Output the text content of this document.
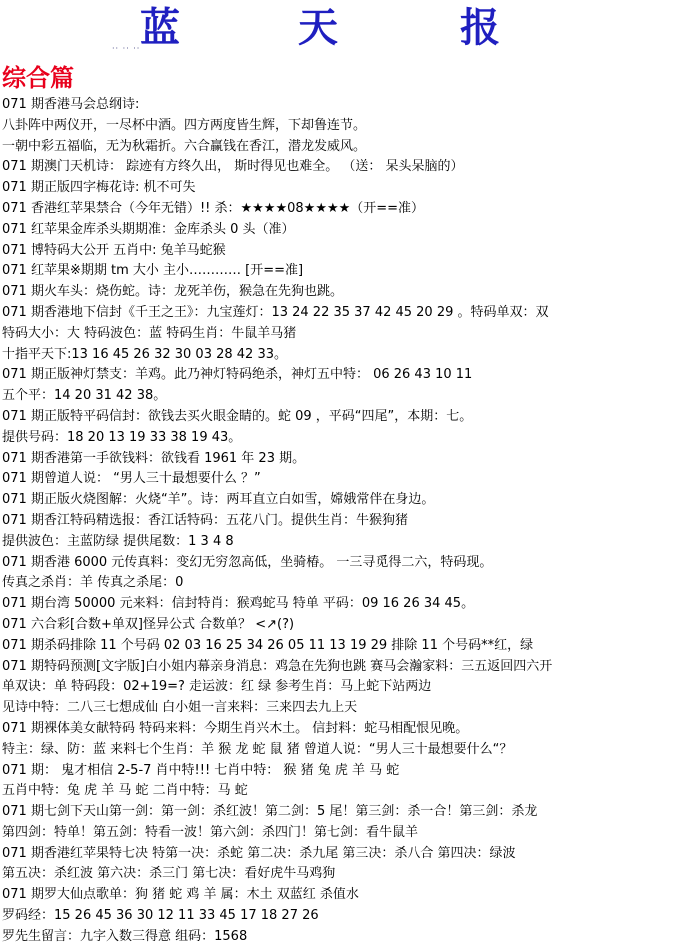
蓝	天	报
·· ·· ··
综合篇
071 期香港马会总纲诗:
八卦阵中两仪开，一尽杯中酒。四方两度皆生辉，下却鲁连节。
一朝中彩五福临，无为秋霜折。六合赢钱在香江，潜龙发威风。
071 期澳门天机诗： 踪迹有方终久出， 斯时得见也难全。 （送： 呆头呆脑的）
071 期正版四字梅花诗: 机不可失
071 香港红苹果禁合（今年无错）!! 杀：★★★★08★★★★（开==准）
071 红苹果金库杀头期期准：金库杀头 0 头（准）
071 博特码大公开 五肖中: 兔羊马蛇猴
071 红苹果※期期 tm 大小 主小………… [开==准]
071 期火车头：烧伤蛇。诗：龙死羊伤，猴急在先狗也跳。
071 期香港地下信封《千王之王》：九宝莲灯：13 24 22 35 37 42 45 20 29 。特码单双：双
特码大小：大 特码波色：蓝 特码生肖：牛鼠羊马猪
十指平天下:13 16 45 26 32 30 03 28 42 33。
071 期正版神灯禁支：羊鸡。此乃神灯特码绝杀，神灯五中特： 06 26 43 10 11
五个平：14 20 31 42 38。
071 期正版特平码信封：欲钱去买火眼金睛的。蛇 09 ，平码“四尾”，本期：七。
提供号码：18 20 13 19 33 38 19 43。
071 期香港第一手欲钱料：欲钱看 1961 年 23 期。
071 期曾道人说： “男人三十最想要什么 ？”
071 期正版火烧图解：火烧“羊”。诗：两耳直立白如雪，嫦娥常伴在身边。
071 期香江特码精选报：香江话特码：五花八门。提供生肖：牛猴狗猪
提供波色：主蓝防绿 提供尾数：1 3 4 8
071 期香港 6000 元传真料：变幻无穷忽高低，坐骑椿。 一三寻觅得二六，特码现。
传真之杀肖：羊 传真之杀尾：0
071 期台湾 50000 元来料：信封特肖：猴鸡蛇马 特单 平码：09 16 26 34 45。
071 六合彩[合数+单双]怪异公式 合数单？ <↗(?)
071 期杀码排除 11 个号码 02 03 16 25 34 26 05 11 13 19 29 排除 11 个号码**红，绿
071 期特码预测[文字版]白小姐内幕亲身消息：鸡急在先狗也跳 赛马会瀚家料：三五返回四六开
单双诀：单 特码段：02+19=? 走运波：红 绿 参考生肖：马上蛇下站两边
见诗中特：二八三七想成仙 白小姐一言来料：三来四去九上天
071 期裸体美女献特码 特码来料：今期生肖兴木土。 信封料：蛇马相配恨见晚。
特主：绿、防：蓝 来料七个生肖：羊 猴 龙 蛇 鼠 猪 曾道人说：“男人三十最想要什么“？
071 期： 鬼才相信 2-5-7 肖中特!!! 七肖中特： 猴 猪 兔 虎 羊 马 蛇
五肖中特：兔 虎 羊 马 蛇 二肖中特：马 蛇
071 期七剑下天山第一剑：第一剑：杀红波！第二剑：5 尾！第三剑：杀一合！第三剑：杀龙
第四剑：特单！第五剑：特看一波！第六剑：杀四门！第七剑：看牛鼠羊
071 期香港红苹果特七决 特第一决：杀蛇 第二决：杀九尾 第三决：杀八合 第四决：绿波
第五决：杀红波 第六决：杀三门 第七决：看好虎牛马鸡狗
071 期罗大仙点歌单：狗 猪 蛇 鸡 羊 属：木土 双蓝红 杀值水
罗码经：15 26 45 36 30 12 11 33 45 17 18 27 26
罗先生留言：九字入数三得意 组码：1568
